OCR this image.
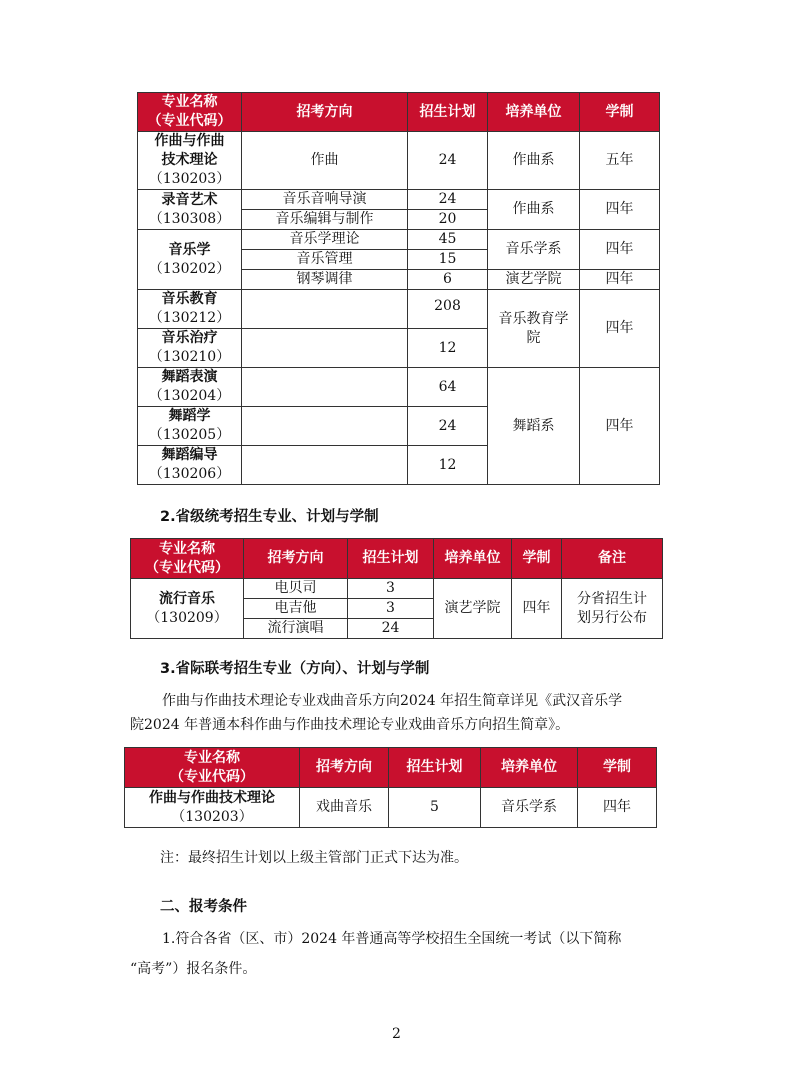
专业名称
（专业代码）	招考方向	招生计划	培养单位	学制

作曲与作曲
技术理论
（130203）	作曲	24	作曲系	五年

录音艺术
（130308）	音乐音响导演	24	作曲系	四年
	音乐编辑与制作	20		

音乐学
（130202）	音乐学理论	45	音乐学系	四年
	音乐管理	15		
	钢琴调律	6	演艺学院	四年

音乐教育
（130212）		208	音乐教育学院	四年

音乐治疗
（130210）		12		

舞蹈表演
（130204）		64	舞蹈系	四年

舞蹈学
（130205）		24		

舞蹈编导
（130206）		12		
2.省级统考招生专业、计划与学制
专业名称
（专业代码）	招考方向	招生计划	培养单位	学制	备注

流行音乐
（130209）	电贝司	3	演艺学院	四年	分省招生计
划另行公布

	电吉他	3			
	流行演唱	24			
3.省际联考招生专业（方向）、计划与学制
作曲与作曲技术理论专业戏曲音乐方向2024 年招生简章详见《武汉音乐学
院2024 年普通本科作曲与作曲技术理论专业戏曲音乐方向招生简章》。
专业名称
（专业代码）	招考方向	招生计划	培养单位	学制

作曲与作曲技术理论
（130203）	戏曲音乐	5	音乐学系	四年
注：最终招生计划以上级主管部门正式下达为准。
二、报考条件
1.符合各省（区、市）2024 年普通高等学校招生全国统一考试（以下简称
“高考”）报名条件。
2
